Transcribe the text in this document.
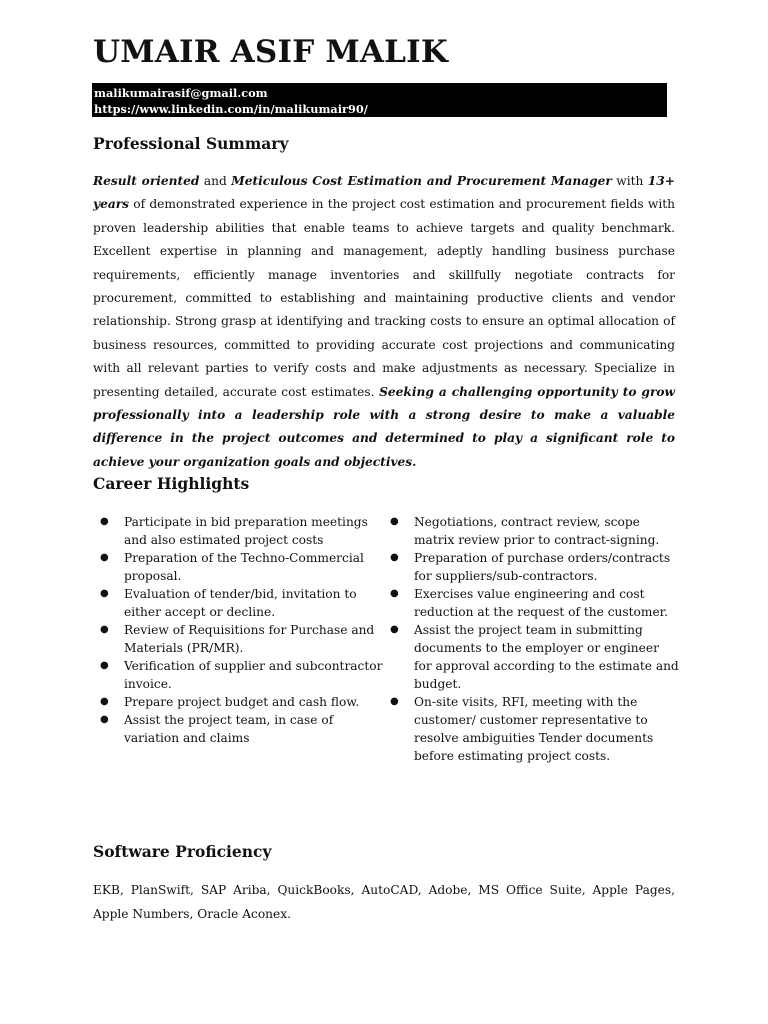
UMAIR ASIF MALIK
malikumairasif@gmail.com
https://www.linkedin.com/in/malikumair90/
Professional Summary

Result oriented and Meticulous Cost Estimation and Procurement Manager with 13+ years of demonstrated experience in the project cost estimation and procurement fields with proven leadership abilities that enable teams to achieve targets and quality benchmark. Excellent expertise in planning and management, adeptly handling business purchase requirements, efficiently manage inventories and skillfully negotiate contracts for procurement, committed to establishing and maintaining productive clients and vendor relationship. Strong grasp at identifying and tracking costs to ensure an optimal allocation of business resources, committed to providing accurate cost projections and communicating with all relevant parties to verify costs and make adjustments as necessary. Specialize in presenting detailed, accurate cost estimates. Seeking a challenging opportunity to grow professionally into a leadership role with a strong desire to make a valuable difference in the project outcomes and determined to play a significant role to achieve your organization goals and objectives.

Career Highlights
● Participate in bid preparation meetings and also estimated project costs
● Preparation of the Techno-Commercial proposal.
● Evaluation of tender/bid, invitation to either accept or decline.
● Review of Requisitions for Purchase and Materials (PR/MR).
● Verification of supplier and subcontractor invoice.
● Prepare project budget and cash flow.
● Assist the project team, in case of variation and claims
● Negotiations, contract review, scope matrix review prior to contract-signing.
● Preparation of purchase orders/contracts for suppliers/sub-contractors.
● Exercises value engineering and cost reduction at the request of the customer.
● Assist the project team in submitting documents to the employer or engineer for approval according to the estimate and budget.
● On-site visits, RFI, meeting with the customer/ customer representative to resolve ambiguities Tender documents before estimating project costs.
Software Proficiency

EKB, PlanSwift, SAP Ariba, QuickBooks, AutoCAD, Adobe, MS Office Suite, Apple Pages, Apple Numbers, Oracle Aconex.
